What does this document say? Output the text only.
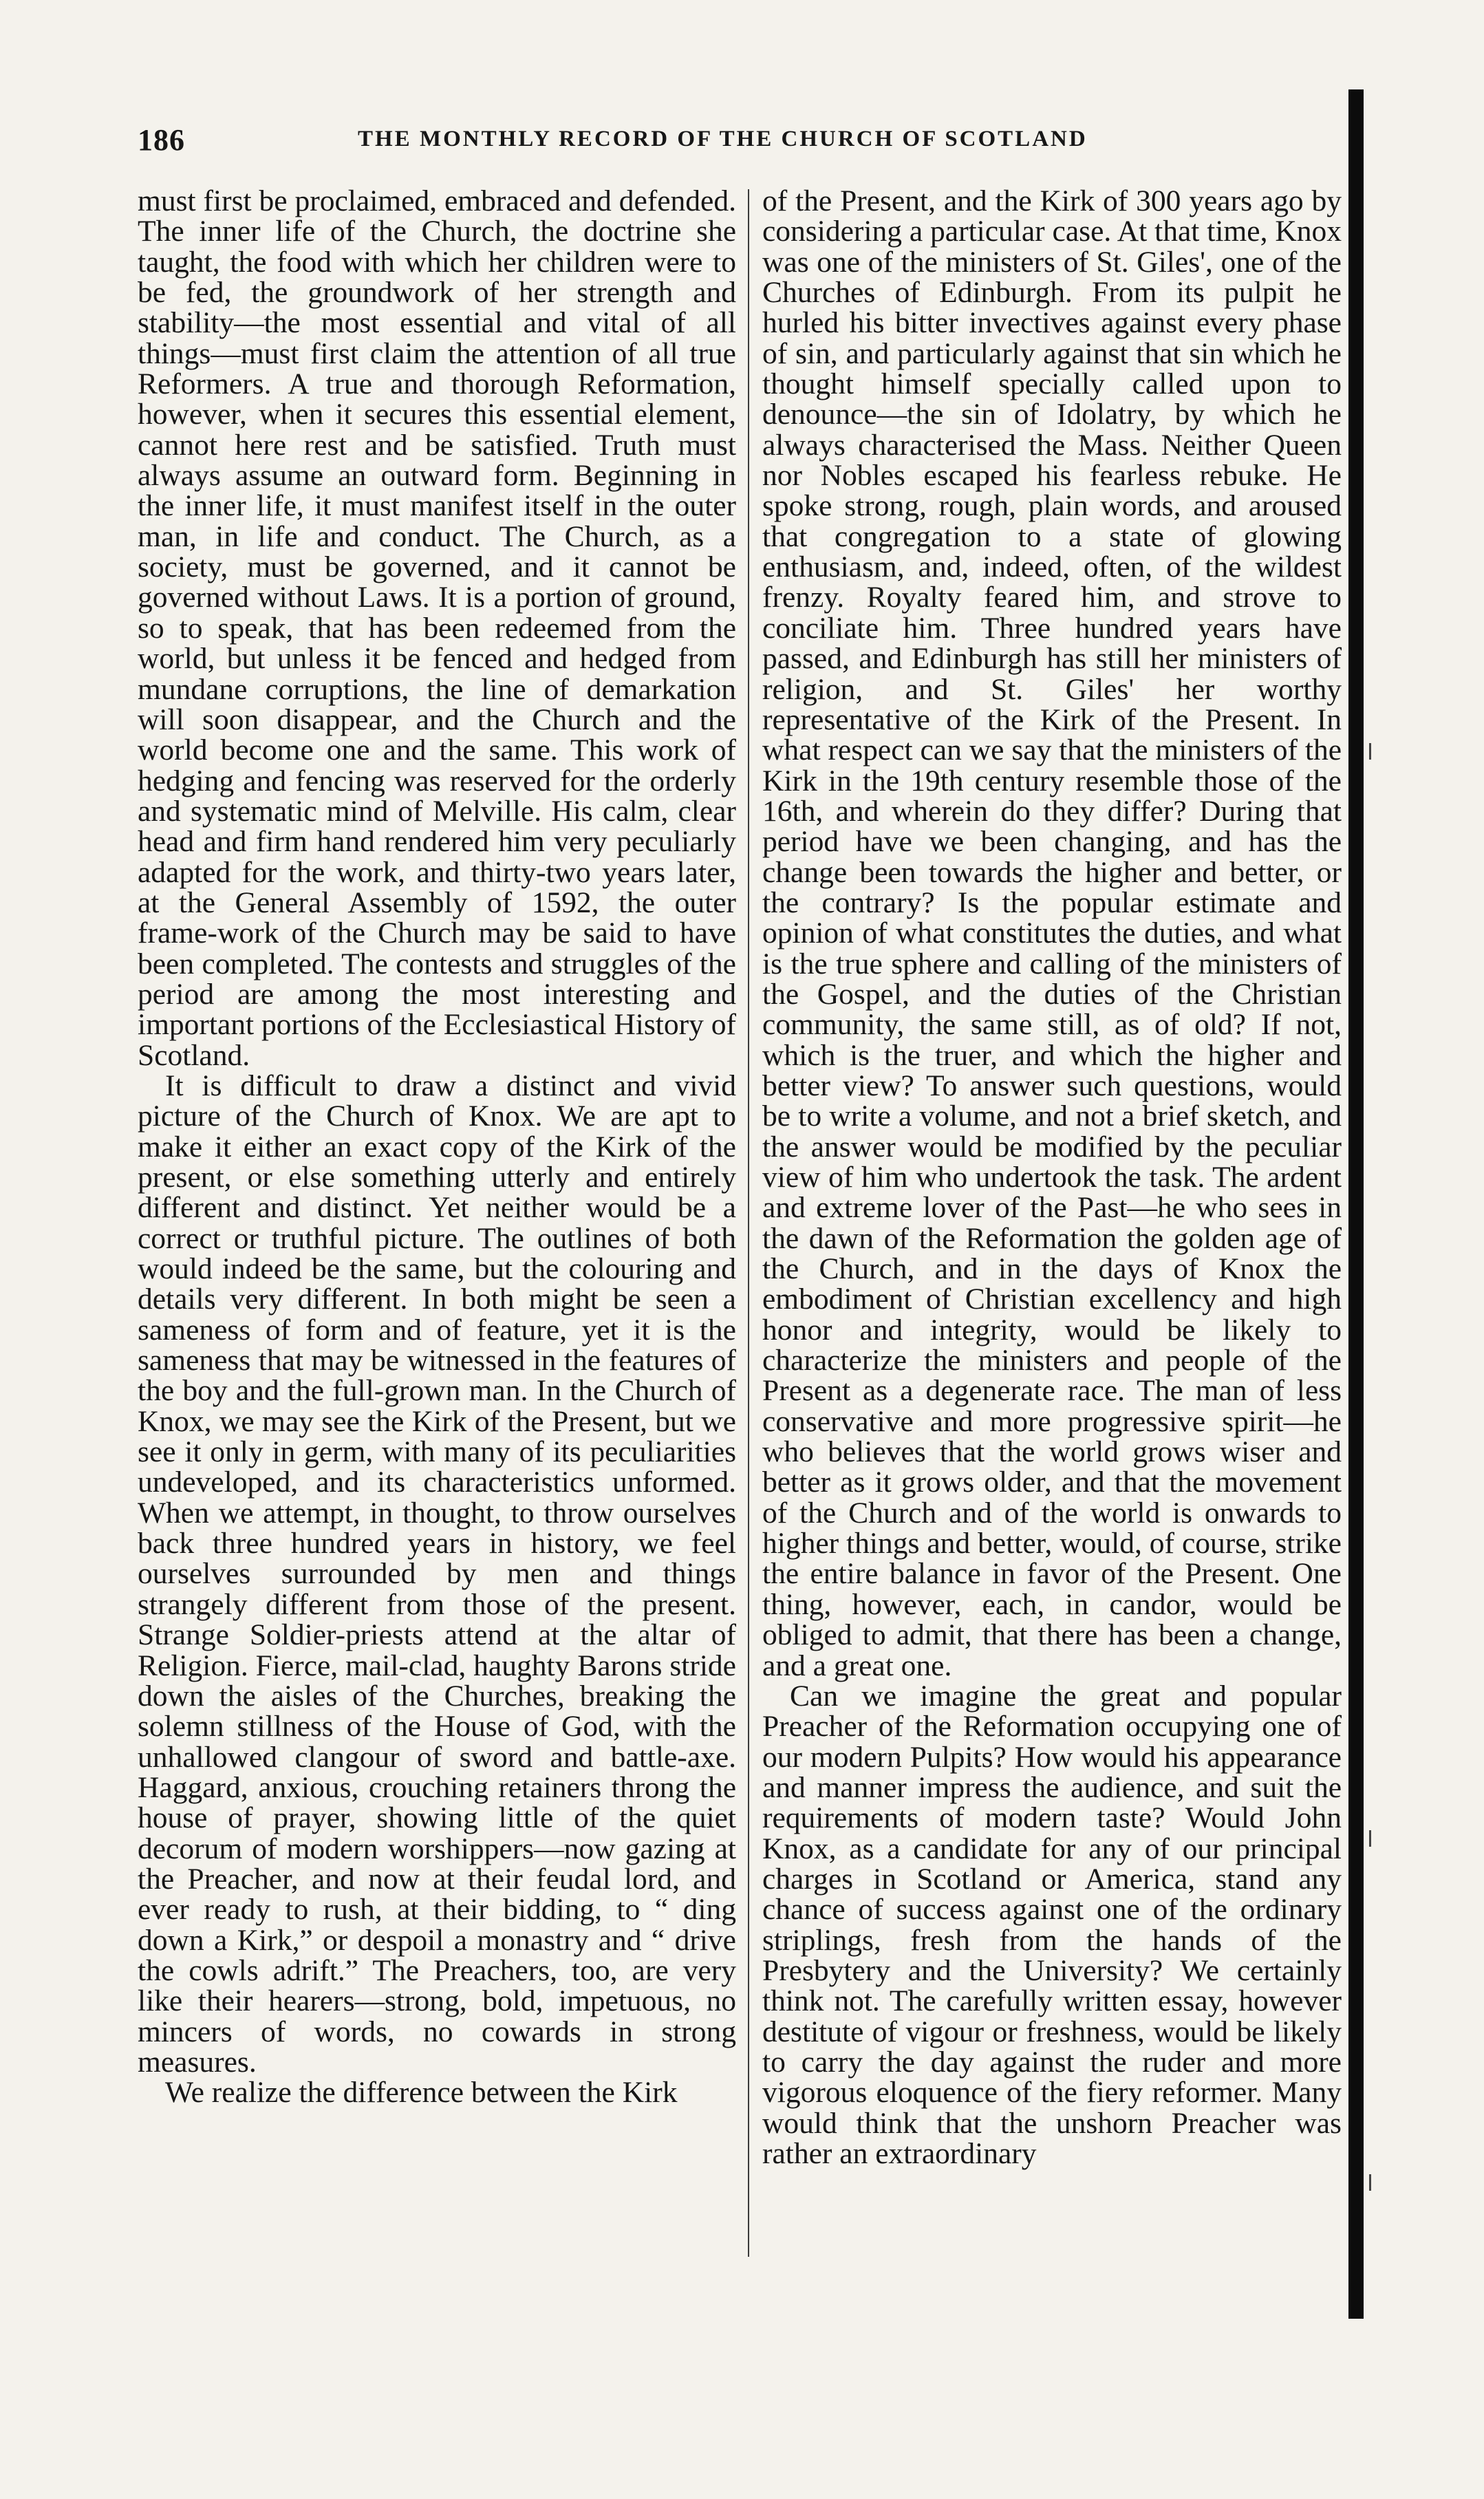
186	THE MONTHLY RECORD OF THE CHURCH OF SCOTLAND

must first be proclaimed, embraced and defended. The inner life of the Church, the doctrine she taught, the food with which her children were to be fed, the groundwork of her strength and stability—the most essential and vital of all things—must first claim the attention of all true Reformers. A true and thorough Reformation, however, when it secures this essential element, cannot here rest and be satisfied. Truth must always assume an outward form. Beginning in the inner life, it must manifest itself in the outer man, in life and conduct. The Church, as a society, must be governed, and it cannot be governed without Laws. It is a portion of ground, so to speak, that has been redeemed from the world, but unless it be fenced and hedged from mundane corruptions, the line of demarkation will soon disappear, and the Church and the world become one and the same. This work of hedging and fencing was reserved for the orderly and systematic mind of Melville. His calm, clear head and firm hand rendered him very peculiarly adapted for the work, and thirty-two years later, at the General Assembly of 1592, the outer frame-work of the Church may be said to have been completed. The contests and struggles of the period are among the most interesting and important portions of the Ecclesiastical History of Scotland.

It is difficult to draw a distinct and vivid picture of the Church of Knox. We are apt to make it either an exact copy of the Kirk of the present, or else something utterly and entirely different and distinct. Yet neither would be a correct or truthful picture. The outlines of both would indeed be the same, but the colouring and details very different. In both might be seen a sameness of form and of feature, yet it is the sameness that may be witnessed in the features of the boy and the full-grown man. In the Church of Knox, we may see the Kirk of the Present, but we see it only in germ, with many of its peculiarities undeveloped, and its characteristics unformed. When we attempt, in thought, to throw ourselves back three hundred years in history, we feel ourselves surrounded by men and things strangely different from those of the present. Strange Soldier-priests attend at the altar of Religion. Fierce, mail-clad, haughty Barons stride down the aisles of the Churches, breaking the solemn stillness of the House of God, with the unhallowed clangour of sword and battle-axe. Haggard, anxious, crouching retainers throng the house of prayer, showing little of the quiet decorum of modern worshippers—now gazing at the Preacher, and now at their feudal lord, and ever ready to rush, at their bidding, to “ ding down a Kirk,” or despoil a monastry and “ drive the cowls adrift.” The Preachers, too, are very like their hearers—strong, bold, impetuous, no mincers of words, no cowards in strong measures.

We realize the difference between the Kirk

of the Present, and the Kirk of 300 years ago by considering a particular case. At that time, Knox was one of the ministers of St. Giles', one of the Churches of Edinburgh. From its pulpit he hurled his bitter invectives against every phase of sin, and particularly against that sin which he thought himself specially called upon to denounce—the sin of Idolatry, by which he always characterised the Mass. Neither Queen nor Nobles escaped his fearless rebuke. He spoke strong, rough, plain words, and aroused that congregation to a state of glowing enthusiasm, and, indeed, often, of the wildest frenzy. Royalty feared him, and strove to conciliate him. Three hundred years have passed, and Edinburgh has still her ministers of religion, and St. Giles' her worthy representative of the Kirk of the Present. In what respect can we say that the ministers of the Kirk in the 19th century resemble those of the 16th, and wherein do they differ? During that period have we been changing, and has the change been towards the higher and better, or the contrary? Is the popular estimate and opinion of what constitutes the duties, and what is the true sphere and calling of the ministers of the Gospel, and the duties of the Christian community, the same still, as of old? If not, which is the truer, and which the higher and better view? To answer such questions, would be to write a volume, and not a brief sketch, and the answer would be modified by the peculiar view of him who undertook the task. The ardent and extreme lover of the Past—he who sees in the dawn of the Reformation the golden age of the Church, and in the days of Knox the embodiment of Christian excellency and high honor and integrity, would be likely to characterize the ministers and people of the Present as a degenerate race. The man of less conservative and more progressive spirit—he who believes that the world grows wiser and better as it grows older, and that the movement of the Church and of the world is onwards to higher things and better, would, of course, strike the entire balance in favor of the Present. One thing, however, each, in candor, would be obliged to admit, that there has been a change, and a great one.

Can we imagine the great and popular Preacher of the Reformation occupying one of our modern Pulpits? How would his appearance and manner impress the audience, and suit the requirements of modern taste? Would John Knox, as a candidate for any of our principal charges in Scotland or America, stand any chance of success against one of the ordinary striplings, fresh from the hands of the Presbytery and the University? We certainly think not. The carefully written essay, however destitute of vigour or freshness, would be likely to carry the day against the ruder and more vigorous eloquence of the fiery reformer. Many would think that the unshorn Preacher was rather an extraordinary
